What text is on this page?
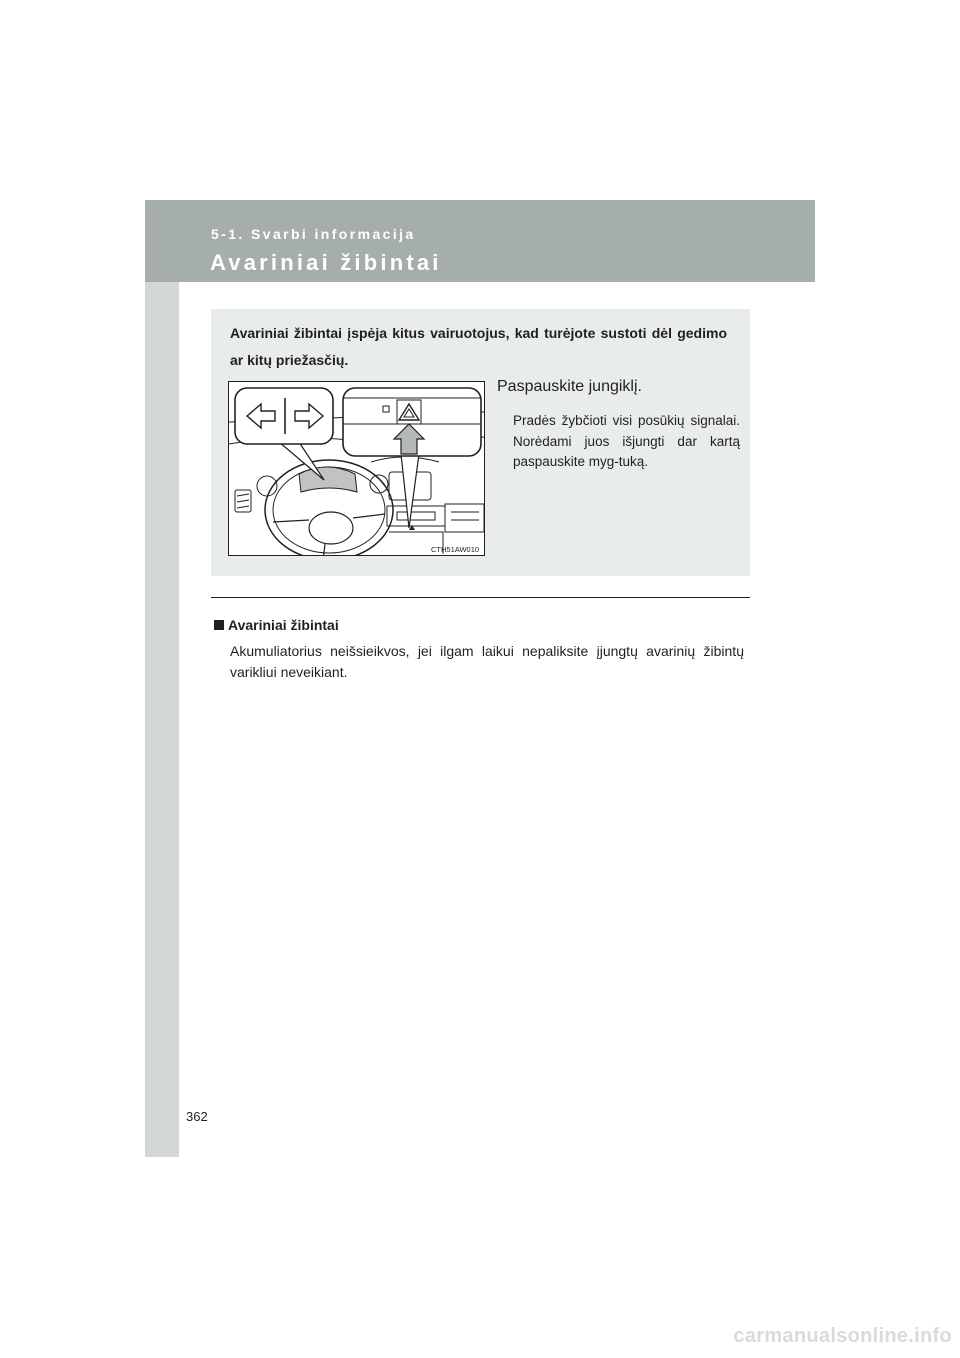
5-1. Svarbi informacija
Avariniai žibintai
Avariniai žibintai įspėja kitus vairuotojus, kad turėjote sustoti dėl gedimo ar kitų priežasčių.
CTH51AW010
Paspauskite jungiklį.
Pradės žybčioti visi posūkių signalai. Norėdami juos išjungti dar kartą paspauskite myg-tuką.
Avariniai žibintai
Akumuliatorius neišsieikvos, jei ilgam laikui nepaliksite įjungtų avarinių žibintų varikliui neveikiant.
362
carmanualsonline.info
